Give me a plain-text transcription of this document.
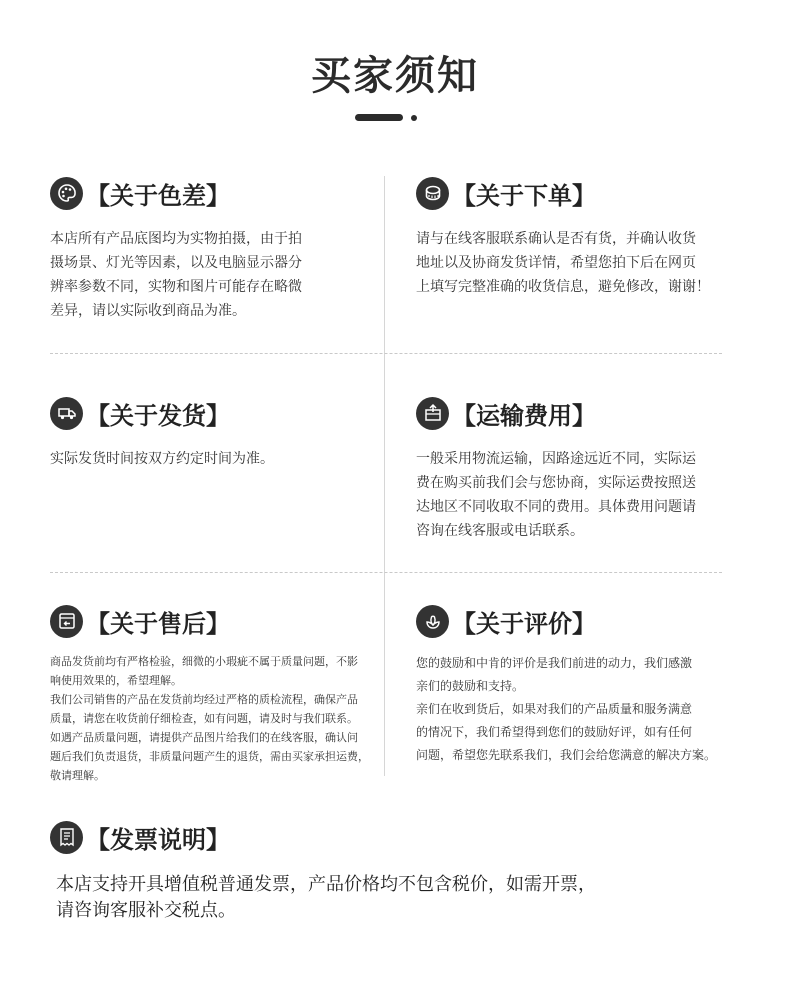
买家须知
【关于色差】

本店所有产品底图均为实物拍摄，由于拍

摄场景、灯光等因素，以及电脑显示器分

辨率参数不同，实物和图片可能存在略微

差异，请以实际收到商品为准。

【关于下单】

请与在线客服联系确认是否有货，并确认收货

地址以及协商发货详情，希望您拍下后在网页

上填写完整准确的收货信息，避免修改，谢谢！

【关于发货】

实际发货时间按双方约定时间为准。

【运输费用】

一般采用物流运输，因路途远近不同，实际运

费在购买前我们会与您协商，实际运费按照送

达地区不同收取不同的费用。具体费用问题请

咨询在线客服或电话联系。

【关于售后】

商品发货前均有严格检验，细微的小瑕疵不属于质量问题，不影

响使用效果的，希望理解。

我们公司销售的产品在发货前均经过严格的质检流程，确保产品

质量，请您在收货前仔细检查，如有问题，请及时与我们联系。

如遇产品质量问题，请提供产品图片给我们的在线客服，确认问

题后我们负责退货，非质量问题产生的退货，需由买家承担运费，

敬请理解。

【关于评价】

您的鼓励和中肯的评价是我们前进的动力，我们感激

亲们的鼓励和支持。

亲们在收到货后，如果对我们的产品质量和服务满意

的情况下，我们希望得到您们的鼓励好评，如有任何

问题，希望您先联系我们，我们会给您满意的解决方案。

【发票说明】

本店支持开具增值税普通发票，产品价格均不包含税价，如需开票，

请咨询客服补交税点。
